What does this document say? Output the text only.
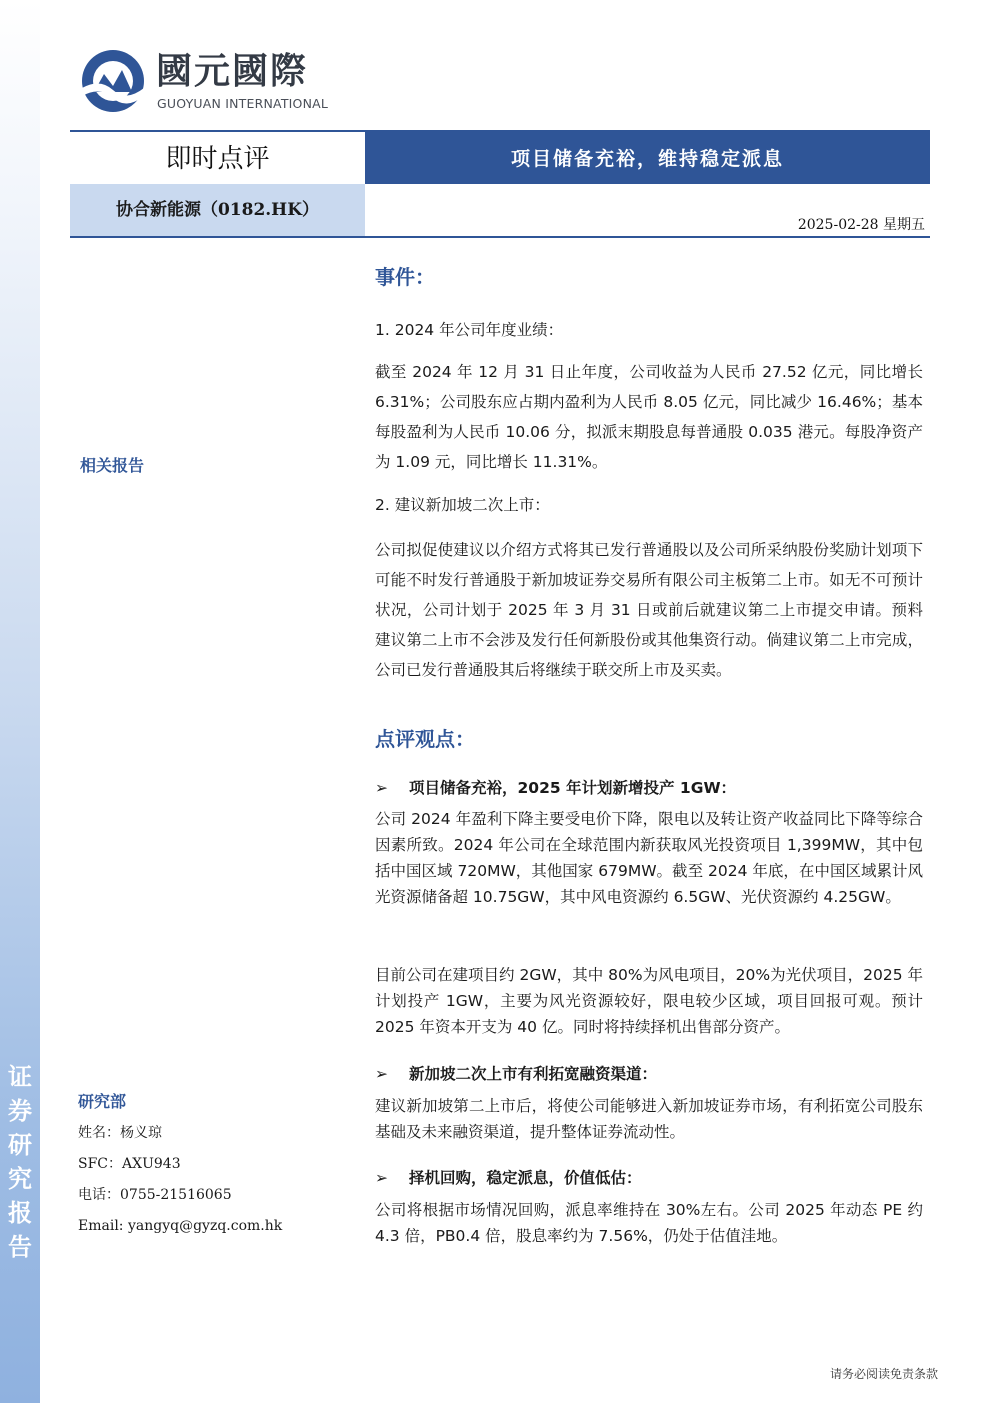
证
券
研
究
报
告
國元國際
GUOYUAN INTERNATIONAL
即时点评	项目储备充裕，维持稳定派息
协合新能源（0182.HK）
2025-02-28 星期五
相关报告
研究部
姓名：杨义琼
SFC：AXU943
电话：0755-21516065
Email: yangyq@gyzq.com.hk
事件：
1. 2024 年公司年度业绩：
截至 2024 年 12 月 31 日止年度，公司收益为人民币 27.52 亿元，同比增长 6.31%；公司股东应占期内盈利为人民币 8.05 亿元，同比减少 16.46%；基本每股盈利为人民币 10.06 分，拟派末期股息每普通股 0.035 港元。每股净资产为 1.09 元，同比增长 11.31%。
2. 建议新加坡二次上市：
公司拟促使建议以介绍方式将其已发行普通股以及公司所采纳股份奖励计划项下可能不时发行普通股于新加坡证券交易所有限公司主板第二上市。如无不可预计状况，公司计划于 2025 年 3 月 31 日或前后就建议第二上市提交申请。预料建议第二上市不会涉及发行任何新股份或其他集资行动。倘建议第二上市完成，公司已发行普通股其后将继续于联交所上市及买卖。
点评观点：
➢ 项目储备充裕，2025 年计划新增投产 1GW：
公司 2024 年盈利下降主要受电价下降，限电以及转让资产收益同比下降等综合因素所致。2024 年公司在全球范围内新获取风光投资项目 1,399MW，其中包括中国区域 720MW，其他国家 679MW。截至 2024 年底，在中国区域累计风光资源储备超 10.75GW，其中风电资源约 6.5GW、光伏资源约 4.25GW。
目前公司在建项目约 2GW，其中 80%为风电项目，20%为光伏项目，2025 年计划投产 1GW，主要为风光资源较好，限电较少区域，项目回报可观。预计 2025 年资本开支为 40 亿。同时将持续择机出售部分资产。
➢ 新加坡二次上市有利拓宽融资渠道：
建议新加坡第二上市后，将使公司能够进入新加坡证券市场，有利拓宽公司股东基础及未来融资渠道，提升整体证券流动性。
➢ 择机回购，稳定派息，价值低估：
公司将根据市场情况回购，派息率维持在 30%左右。公司 2025 年动态 PE 约 4.3 倍，PB0.4 倍，股息率约为 7.56%，仍处于估值洼地。
请务必阅读免责条款
